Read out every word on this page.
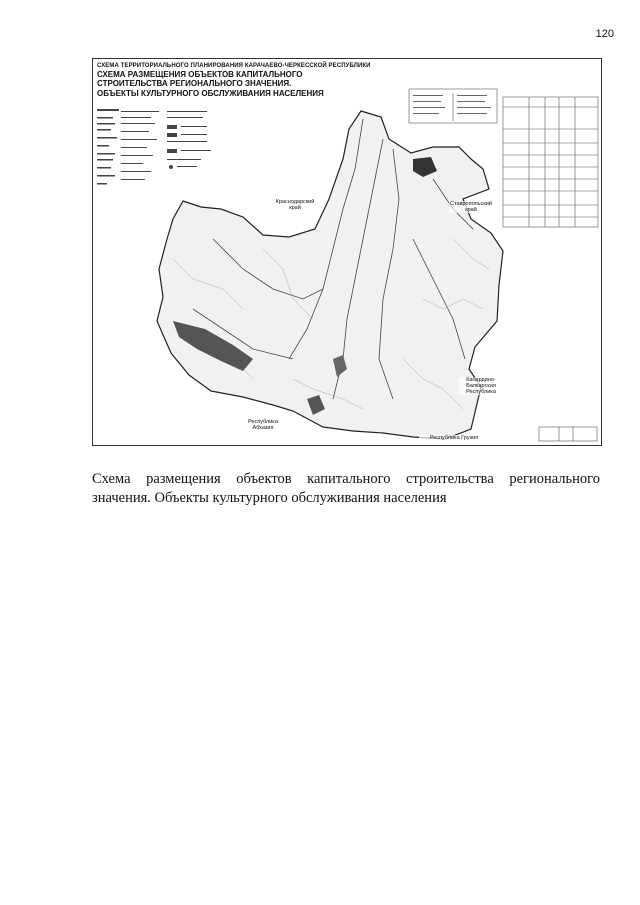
120
СХЕМА ТЕРРИТОРИАЛЬНОГО ПЛАНИРОВАНИЯ КАРАЧАЕВО-ЧЕРКЕССКОЙ РЕСПУБЛИКИ
СХЕМА РАЗМЕЩЕНИЯ ОБЪЕКТОВ КАПИТАЛЬНОГО СТРОИТЕЛЬСТВА РЕГИОНАЛЬНОГО ЗНАЧЕНИЯ.
ОБЪЕКТЫ КУЛЬТУРНОГО ОБСЛУЖИВАНИЯ НАСЕЛЕНИЯ
Краснодарский край
Ставропольский край
Кабардино-Балкарская Республика
Республика Абхазия
Республика Грузия
Схема размещения объектов капитального строительства регионального значения. Объекты культурного обслуживания населения
